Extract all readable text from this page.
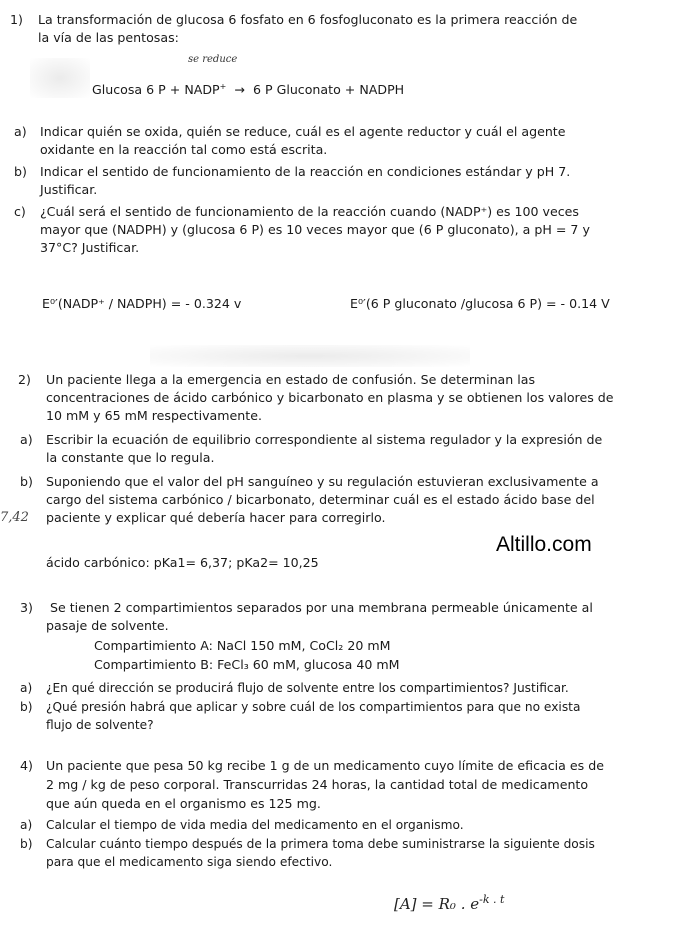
1) La transformación de glucosa 6 fosfato en 6 fosfogluconato es la primera reacción de
la vía de las pentosas:
se reduce
Glucosa 6 P + NADP+ → 6 P Gluconato + NADPH
a) Indicar quién se oxida, quién se reduce, cuál es el agente reductor y cuál el agente
oxidante en la reacción tal como está escrita.
b) Indicar el sentido de funcionamiento de la reacción en condiciones estándar y pH 7.
Justificar.
c) ¿Cuál será el sentido de funcionamiento de la reacción cuando (NADP⁺) es 100 veces
mayor que (NADPH) y (glucosa 6 P) es 10 veces mayor que (6 P gluconato), a pH = 7 y
37°C? Justificar.
E⁰′(NADP⁺ / NADPH) = - 0.324 v	E⁰′(6 P gluconato /glucosa 6 P) = - 0.14 V
2) Un paciente llega a la emergencia en estado de confusión. Se determinan las
concentraciones de ácido carbónico y bicarbonato en plasma y se obtienen los valores de
10 mM y 65 mM respectivamente.
a) Escribir la ecuación de equilibrio correspondiente al sistema regulador y la expresión de
la constante que lo regula.
b) Suponiendo que el valor del pH sanguíneo y su regulación estuvieran exclusivamente a
cargo del sistema carbónico / bicarbonato, determinar cuál es el estado ácido base del
7,42 paciente y explicar qué debería hacer para corregirlo.
Altillo.com
ácido carbónico: pKa1= 6,37; pKa2= 10,25
3) Se tienen 2 compartimientos separados por una membrana permeable únicamente al
pasaje de solvente.
Compartimiento A: NaCl 150 mM, CoCl₂ 20 mM
Compartimiento B: FeCl₃ 60 mM, glucosa 40 mM
a) ¿En qué dirección se producirá flujo de solvente entre los compartimientos? Justificar.
b) ¿Qué presión habrá que aplicar y sobre cuál de los compartimientos para que no exista
flujo de solvente?
4) Un paciente que pesa 50 kg recibe 1 g de un medicamento cuyo límite de eficacia es de
2 mg / kg de peso corporal. Transcurridas 24 horas, la cantidad total de medicamento
que aún queda en el organismo es 125 mg.
a) Calcular el tiempo de vida media del medicamento en el organismo.
b) Calcular cuánto tiempo después de la primera toma debe suministrarse la siguiente dosis
para que el medicamento siga siendo efectivo.
[A] = R₀ . $e^{-k . t}$
